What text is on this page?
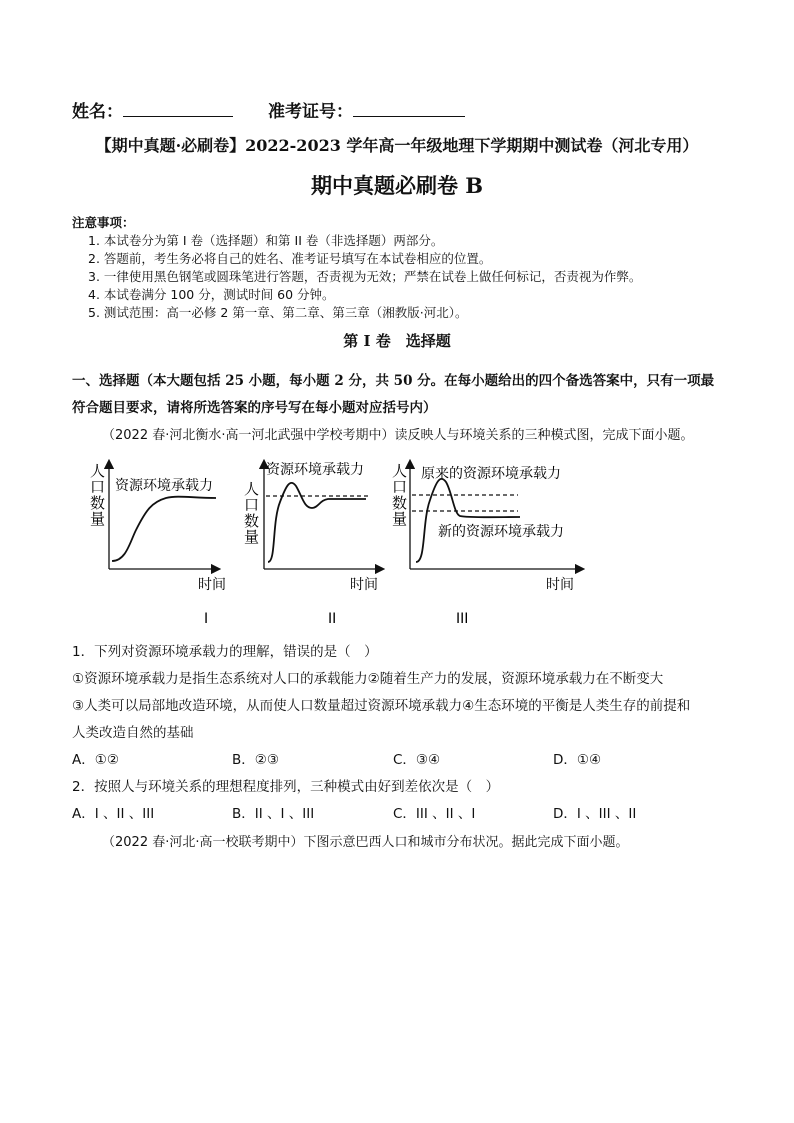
姓名：	准考证号：
【期中真题·必刷卷】2022-2023 学年高一年级地理下学期期中测试卷（河北专用）
期中真题必刷卷 B
注意事项：
1. 本试卷分为第 I 卷（选择题）和第 II 卷（非选择题）两部分。
2. 答题前，考生务必将自己的姓名、准考证号填写在本试卷相应的位置。
3. 一律使用黑色钢笔或圆珠笔进行答题，否责视为无效；严禁在试卷上做任何标记，否责视为作弊。
4. 本试卷满分 100 分，测试时间 60 分钟。
5. 测试范围：高一必修 2 第一章、第二章、第三章（湘教版·河北）。
第 I 卷　选择题
一、选择题（本大题包括 25 小题，每小题 2 分，共 50 分。在每小题给出的四个备选答案中，只有一项最
符合题目要求，请将所选答案的序号写在每小题对应括号内）
（2022 春·河北衡水·高一河北武强中学校考期中）读反映人与环境关系的三种模式图，完成下面小题。
人
口
数
量
资源环境承载力
时间
I
人
口
数
量
资源环境承载力
时间
II
人
口
数
量
原来的资源环境承载力
新的资源环境承载力
时间
III
1．下列对资源环境承载力的理解，错误的是（　）
①资源环境承载力是指生态系统对人口的承载能力②随着生产力的发展，资源环境承载力在不断变大
③人类可以局部地改造环境，从而使人口数量超过资源环境承载力④生态环境的平衡是人类生存的前提和
人类改造自然的基础
A．①②	B．②③	C．③④	D．①④
2．按照人与环境关系的理想程度排列，三种模式由好到差依次是（　）
A．I 、II 、III	B．II 、I 、III	C．III 、II 、I	D．I 、III 、II
（2022 春·河北·高一校联考期中）下图示意巴西人口和城市分布状况。据此完成下面小题。
